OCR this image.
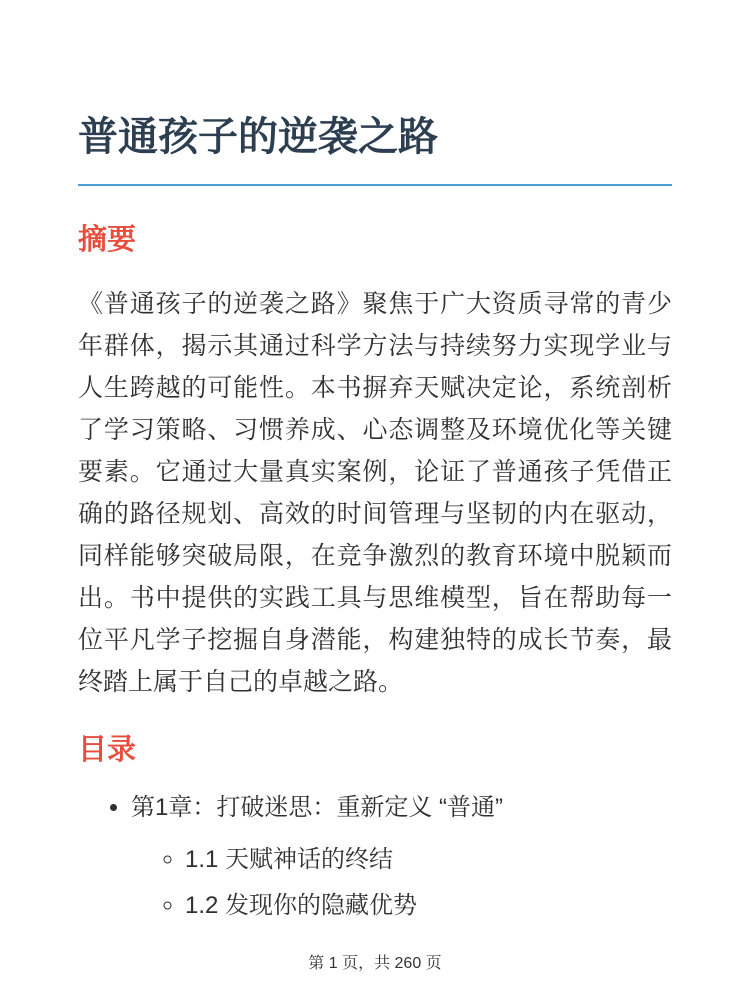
普通孩子的逆袭之路
摘要

《普通孩子的逆袭之路》聚焦于广大资质寻常的青少年群体，揭示其通过科学方法与持续努力实现学业与人生跨越的可能性。本书摒弃天赋决定论，系统剖析了学习策略、习惯养成、心态调整及环境优化等关键要素。它通过大量真实案例，论证了普通孩子凭借正确的路径规划、高效的时间管理与坚韧的内在驱动，同样能够突破局限，在竞争激烈的教育环境中脱颖而出。书中提供的实践工具与思维模型，旨在帮助每一位平凡学子挖掘自身潜能，构建独特的成长节奏，最终踏上属于自己的卓越之路。

目录
• 第1章：打破迷思：重新定义 “普通”
◦ 1.1 天赋神话的终结
◦ 1.2 发现你的隐藏优势
第 1 页，共 260 页
